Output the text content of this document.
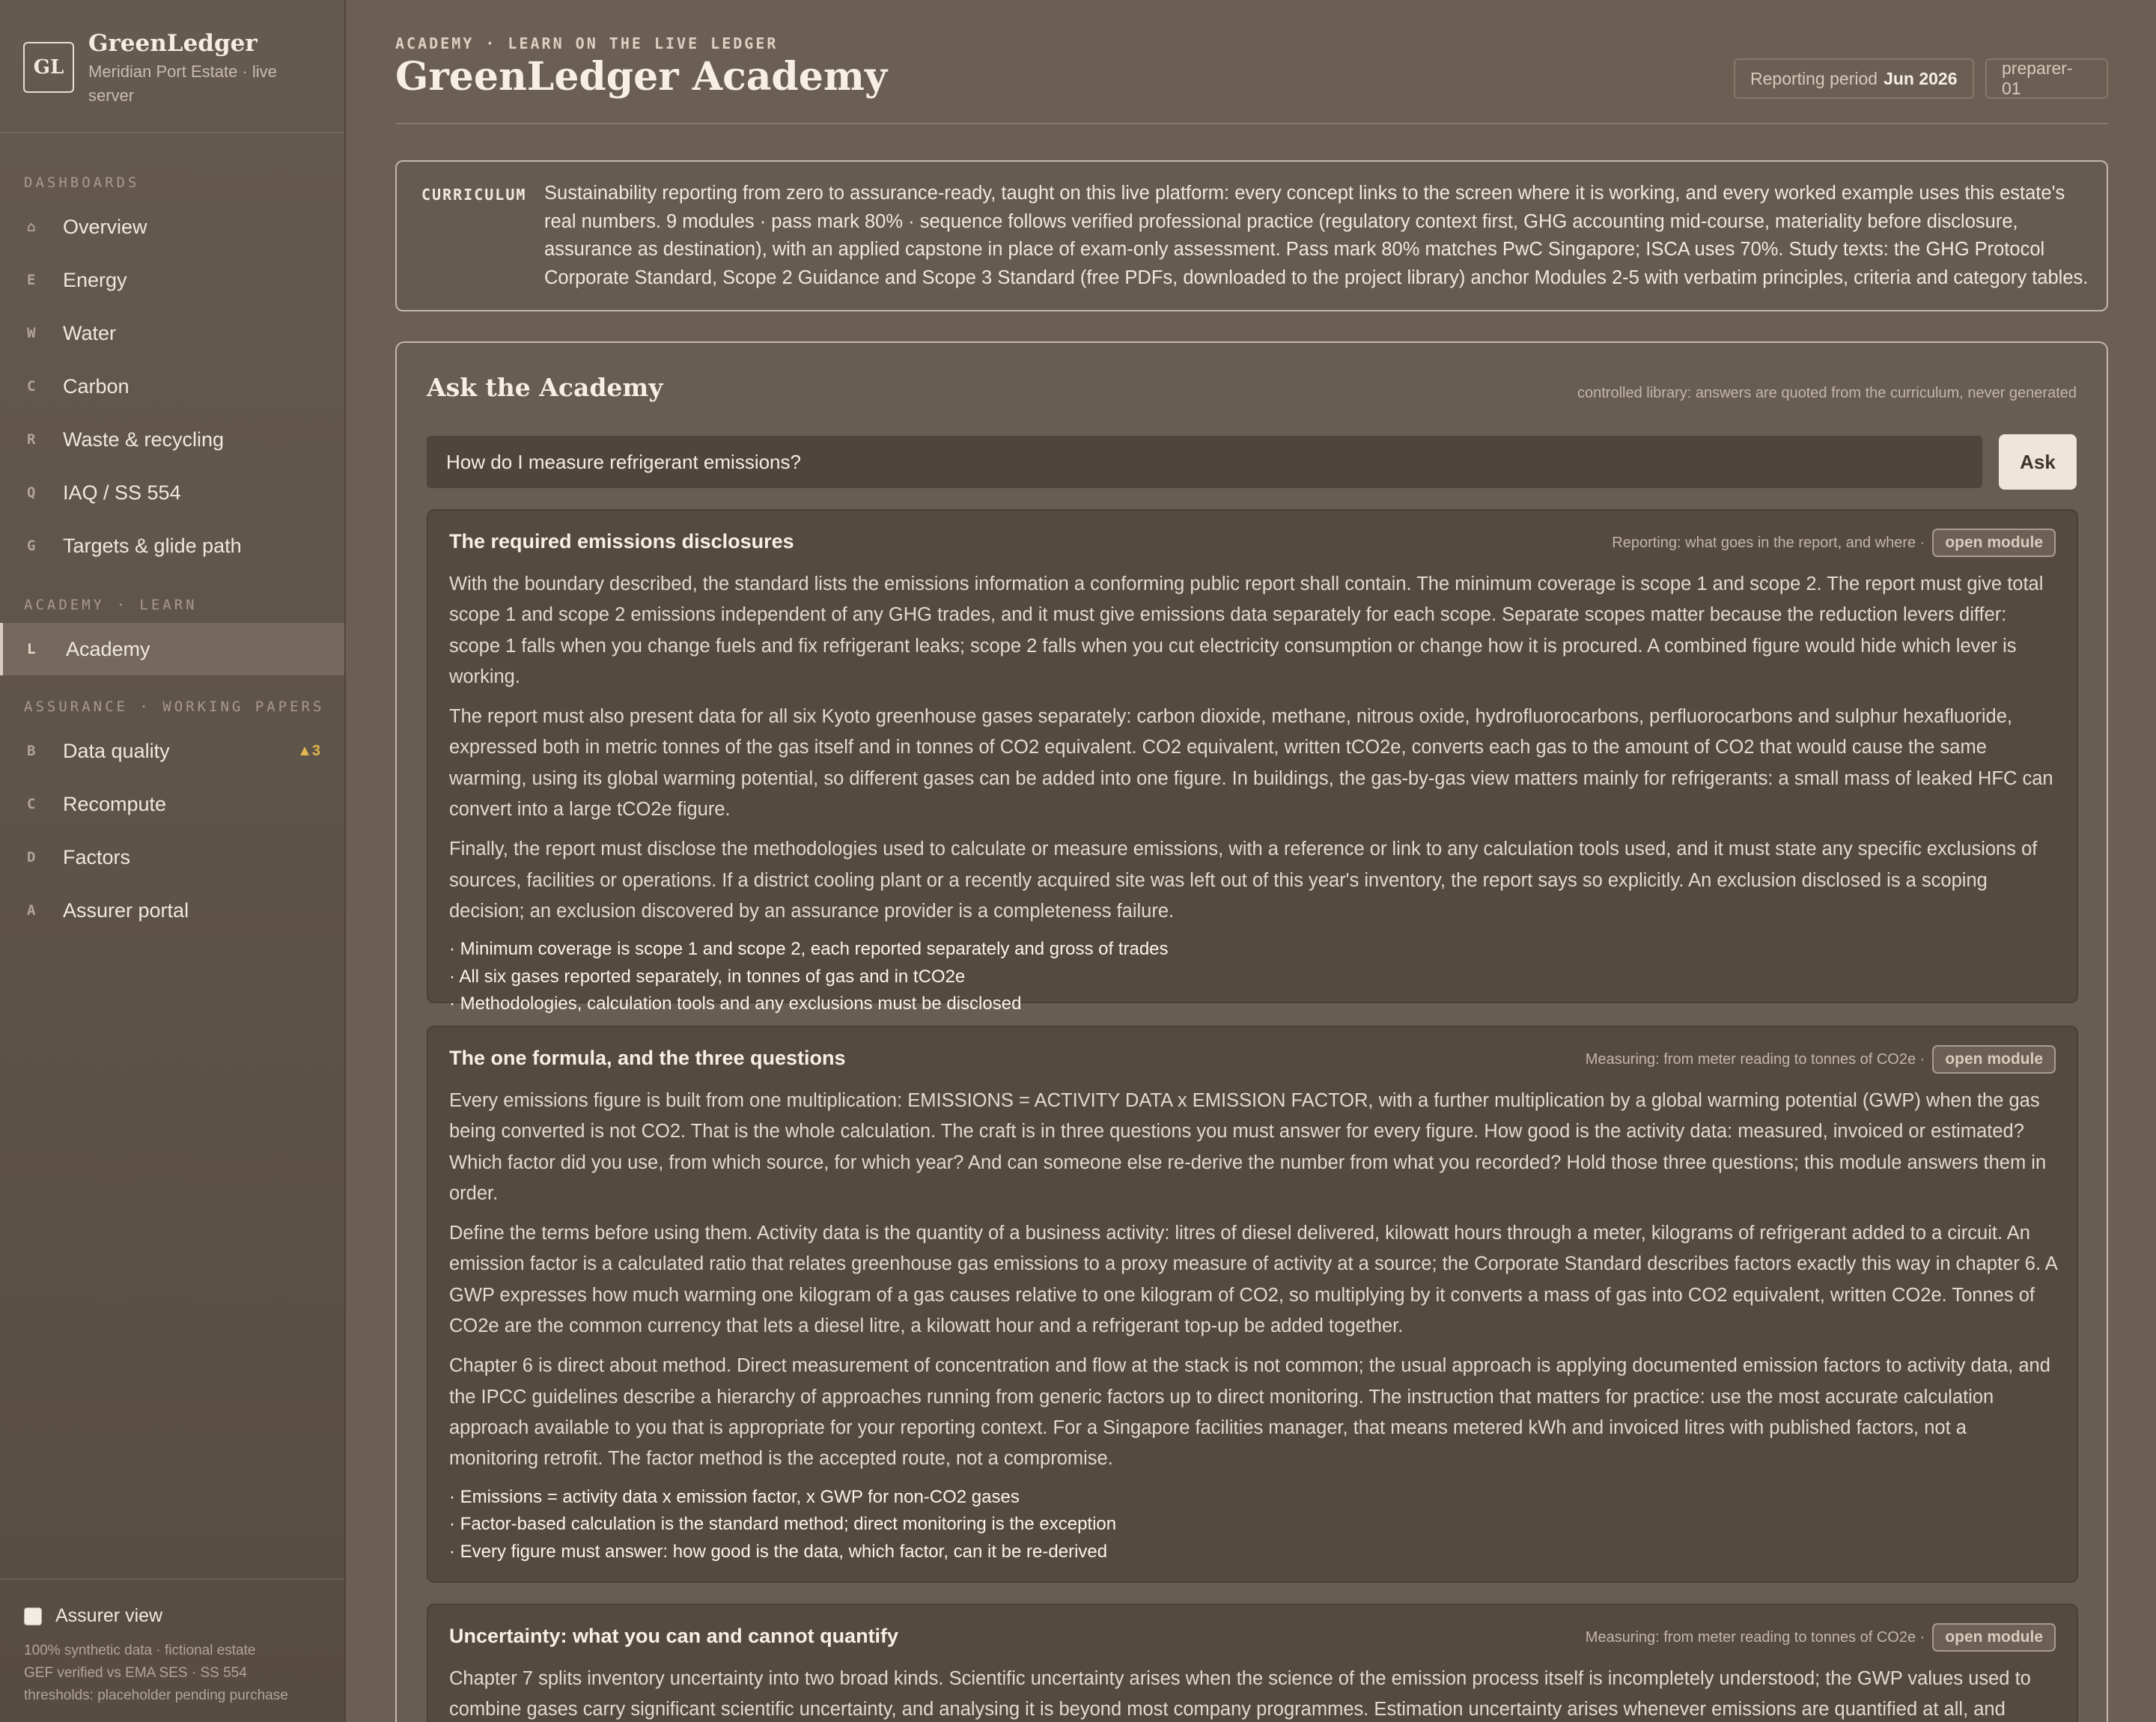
GL
GreenLedger
Meridian Port Estate · live server
DASHBOARDS
⌂	Overview
E	Energy
W	Water
C	Carbon
R	Waste & recycling
Q	IAQ / SS 554
G	Targets & glide path
ACADEMY · LEARN
L	Academy
ASSURANCE · WORKING PAPERS
B	Data quality	▲3
C	Recompute
D	Factors
A	Assurer portal
Assurer view
100% synthetic data · fictional estate
GEF verified vs EMA SES · SS 554
thresholds: placeholder pending purchase
ACADEMY · LEARN ON THE LIVE LEDGER
GreenLedger Academy	Reporting period Jun 2026
preparer-01
CURRICULUM Sustainability reporting from zero to assurance-ready, taught on this live platform: every concept links to the screen where it is working, and every worked example uses this estate's real numbers. 9 modules · pass mark 80% · sequence follows verified professional practice (regulatory context first, GHG accounting mid-course, materiality before disclosure, assurance as destination), with an applied capstone in place of exam-only assessment. Pass mark 80% matches PwC Singapore; ISCA uses 70%. Study texts: the GHG Protocol Corporate Standard, Scope 2 Guidance and Scope 3 Standard (free PDFs, downloaded to the project library) anchor Modules 2-5 with verbatim principles, criteria and category tables.
Ask the Academy	controlled library: answers are quoted from the curriculum, never generated
How do I measure refrigerant emissions?	Ask
The required emissions disclosures	Reporting: what goes in the report, and where ·	open module

With the boundary described, the standard lists the emissions information a conforming public report shall contain. The minimum coverage is scope 1 and scope 2. The report must give total scope 1 and scope 2 emissions independent of any GHG trades, and it must give emissions data separately for each scope. Separate scopes matter because the reduction levers differ: scope 1 falls when you change fuels and fix refrigerant leaks; scope 2 falls when you cut electricity consumption or change how it is procured. A combined figure would hide which lever is working.

The report must also present data for all six Kyoto greenhouse gases separately: carbon dioxide, methane, nitrous oxide, hydrofluorocarbons, perfluorocarbons and sulphur hexafluoride, expressed both in metric tonnes of the gas itself and in tonnes of CO2 equivalent. CO2 equivalent, written tCO2e, converts each gas to the amount of CO2 that would cause the same warming, using its global warming potential, so different gases can be added into one figure. In buildings, the gas-by-gas view matters mainly for refrigerants: a small mass of leaked HFC can convert into a large tCO2e figure.

Finally, the report must disclose the methodologies used to calculate or measure emissions, with a reference or link to any calculation tools used, and it must state any specific exclusions of sources, facilities or operations. If a district cooling plant or a recently acquired site was left out of this year's inventory, the report says so explicitly. An exclusion disclosed is a scoping decision; an exclusion discovered by an assurance provider is a completeness failure.

· Minimum coverage is scope 1 and scope 2, each reported separately and gross of trades
· All six gases reported separately, in tonnes of gas and in tCO2e
· Methodologies, calculation tools and any exclusions must be disclosed
The one formula, and the three questions	Measuring: from meter reading to tonnes of CO2e ·	open module

Every emissions figure is built from one multiplication: EMISSIONS = ACTIVITY DATA x EMISSION FACTOR, with a further multiplication by a global warming potential (GWP) when the gas being converted is not CO2. That is the whole calculation. The craft is in three questions you must answer for every figure. How good is the activity data: measured, invoiced or estimated? Which factor did you use, from which source, for which year? And can someone else re-derive the number from what you recorded? Hold those three questions; this module answers them in order.

Define the terms before using them. Activity data is the quantity of a business activity: litres of diesel delivered, kilowatt hours through a meter, kilograms of refrigerant added to a circuit. An emission factor is a calculated ratio that relates greenhouse gas emissions to a proxy measure of activity at a source; the Corporate Standard describes factors exactly this way in chapter 6. A GWP expresses how much warming one kilogram of a gas causes relative to one kilogram of CO2, so multiplying by it converts a mass of gas into CO2 equivalent, written CO2e. Tonnes of CO2e are the common currency that lets a diesel litre, a kilowatt hour and a refrigerant top-up be added together.

Chapter 6 is direct about method. Direct measurement of concentration and flow at the stack is not common; the usual approach is applying documented emission factors to activity data, and the IPCC guidelines describe a hierarchy of approaches running from generic factors up to direct monitoring. The instruction that matters for practice: use the most accurate calculation approach available to you that is appropriate for your reporting context. For a Singapore facilities manager, that means metered kWh and invoiced litres with published factors, not a monitoring retrofit. The factor method is the accepted route, not a compromise.

· Emissions = activity data x emission factor, x GWP for non-CO2 gases
· Factor-based calculation is the standard method; direct monitoring is the exception
· Every figure must answer: how good is the data, which factor, can it be re-derived
Uncertainty: what you can and cannot quantify	Measuring: from meter reading to tonnes of CO2e ·	open module

Chapter 7 splits inventory uncertainty into two broad kinds. Scientific uncertainty arises when the science of the emission process itself is incompletely understood; the GWP values used to combine gases carry significant scientific uncertainty, and analysing it is beyond most company programmes. Estimation uncertainty arises whenever emissions are quantified at all, and
